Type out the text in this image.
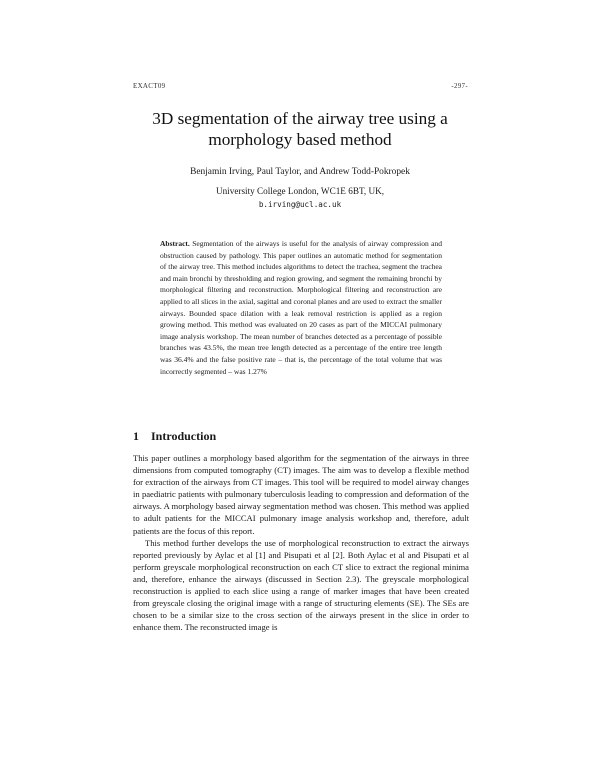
EXACT09	-297-
3D segmentation of the airway tree using a morphology based method
Benjamin Irving, Paul Taylor, and Andrew Todd-Pokropek
University College London, WC1E 6BT, UK,
b.irving@ucl.ac.uk
Abstract. Segmentation of the airways is useful for the analysis of airway compression and obstruction caused by pathology. This paper outlines an automatic method for segmentation of the airway tree. This method includes algorithms to detect the trachea, segment the trachea and main bronchi by thresholding and region growing, and segment the remaining bronchi by morphological filtering and reconstruction. Morphological filtering and reconstruction are applied to all slices in the axial, sagittal and coronal planes and are used to extract the smaller airways. Bounded space dilation with a leak removal restriction is applied as a region growing method. This method was evaluated on 20 cases as part of the MICCAI pulmonary image analysis workshop. The mean number of branches detected as a percentage of possible branches was 43.5%, the mean tree length detected as a percentage of the entire tree length was 36.4% and the false positive rate – that is, the percentage of the total volume that was incorrectly segmented – was 1.27%
1 Introduction

This paper outlines a morphology based algorithm for the segmentation of the airways in three dimensions from computed tomography (CT) images. The aim was to develop a flexible method for extraction of the airways from CT images. This tool will be required to model airway changes in paediatric patients with pulmonary tuberculosis leading to compression and deformation of the airways. A morphology based airway segmentation method was chosen. This method was applied to adult patients for the MICCAI pulmonary image analysis workshop and, therefore, adult patients are the focus of this report.

This method further develops the use of morphological reconstruction to extract the airways reported previously by Aylac et al [1] and Pisupati et al [2]. Both Aylac et al and Pisupati et al perform greyscale morphological reconstruction on each CT slice to extract the regional minima and, therefore, enhance the airways (discussed in Section 2.3). The greyscale morphological reconstruction is applied to each slice using a range of marker images that have been created from greyscale closing the original image with a range of structuring elements (SE). The SEs are chosen to be a similar size to the cross section of the airways present in the slice in order to enhance them. The reconstructed image is
